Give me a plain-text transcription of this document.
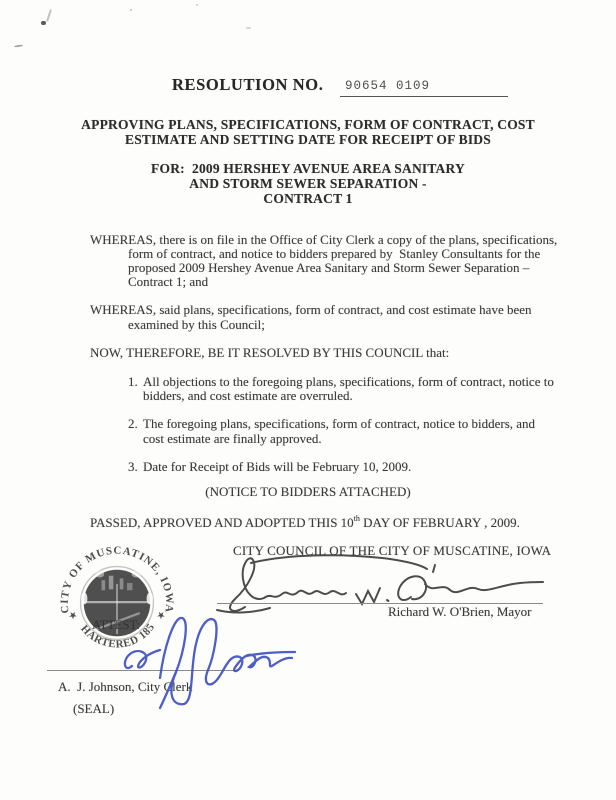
RESOLUTION NO. 90654 0109
APPROVING PLANS, SPECIFICATIONS, FORM OF CONTRACT, COST
ESTIMATE AND SETTING DATE FOR RECEIPT OF BIDS
FOR:  2009 HERSHEY AVENUE AREA SANITARY
AND STORM SEWER SEPARATION -
CONTRACT 1
WHEREAS, there is on file in the Office of City Clerk a copy of the plans, specifications,
form of contract, and notice to bidders prepared by  Stanley Consultants for the
proposed 2009 Hershey Avenue Area Sanitary and Storm Sewer Separation –
Contract 1; and
WHEREAS, said plans, specifications, form of contract, and cost estimate have been
examined by this Council;
NOW, THEREFORE, BE IT RESOLVED BY THIS COUNCIL that:
1. All objections to the foregoing plans, specifications, form of contract, notice to
bidders, and cost estimate are overruled.
2. The foregoing plans, specifications, form of contract, notice to bidders, and
cost estimate are finally approved.
3. Date for Receipt of Bids will be February 10, 2009.
(NOTICE TO BIDDERS ATTACHED)
PASSED, APPROVED AND ADOPTED THIS 10th DAY OF FEBRUARY , 2009.
CITY COUNCIL OF THE CITY OF MUSCATINE, IOWA
Richard W. O'Brien, Mayor
CITY OF MUSCATINE, IOWA
CHARTERED 1851
★	★
ATTEST:
A.  J. Johnson, City Clerk
(SEAL)
